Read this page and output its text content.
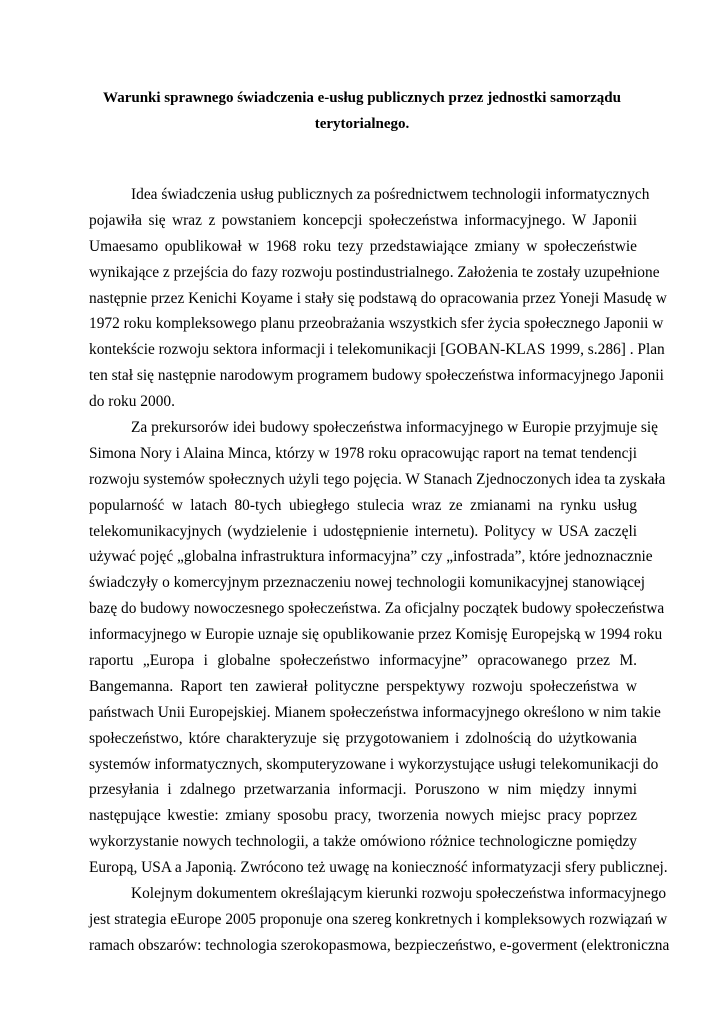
Warunki sprawnego świadczenia e-usług publicznych przez jednostki samorządu
terytorialnego.
Idea świadczenia usług publicznych za pośrednictwem technologii informatycznych
pojawiła się wraz z powstaniem koncepcji społeczeństwa informacyjnego. W Japonii
Umaesamo opublikował w 1968 roku tezy przedstawiające zmiany w społeczeństwie
wynikające z przejścia do fazy rozwoju postindustrialnego. Założenia te zostały uzupełnione
następnie przez Kenichi Koyame i stały się podstawą do opracowania przez Yoneji Masudę w
1972 roku kompleksowego planu przeobrażania wszystkich sfer życia społecznego Japonii w
kontekście rozwoju sektora informacji i telekomunikacji [GOBAN-KLAS 1999, s.286] . Plan
ten stał się następnie narodowym programem budowy społeczeństwa informacyjnego Japonii
do roku 2000.
Za prekursorów idei budowy społeczeństwa informacyjnego w Europie przyjmuje się
Simona Nory i Alaina Minca, którzy w 1978 roku opracowując raport na temat tendencji
rozwoju systemów społecznych użyli tego pojęcia. W Stanach Zjednoczonych idea ta zyskała
popularność w latach 80-tych ubiegłego stulecia wraz ze zmianami na rynku usług
telekomunikacyjnych (wydzielenie i udostępnienie internetu). Politycy w USA zaczęli
używać pojęć „globalna infrastruktura informacyjna” czy „infostrada”, które jednoznacznie
świadczyły o komercyjnym przeznaczeniu nowej technologii komunikacyjnej stanowiącej
bazę do budowy nowoczesnego społeczeństwa. Za oficjalny początek budowy społeczeństwa
informacyjnego w Europie uznaje się opublikowanie przez Komisję Europejską w 1994 roku
raportu „Europa i globalne społeczeństwo informacyjne” opracowanego przez M.
Bangemanna. Raport ten zawierał polityczne perspektywy rozwoju społeczeństwa w
państwach Unii Europejskiej. Mianem społeczeństwa informacyjnego określono w nim takie
społeczeństwo, które charakteryzuje się przygotowaniem i zdolnością do użytkowania
systemów informatycznych, skomputeryzowane i wykorzystujące usługi telekomunikacji do
przesyłania i zdalnego przetwarzania informacji. Poruszono w nim między innymi
następujące kwestie: zmiany sposobu pracy, tworzenia nowych miejsc pracy poprzez
wykorzystanie nowych technologii, a także omówiono różnice technologiczne pomiędzy
Europą, USA a Japonią. Zwrócono też uwagę na konieczność informatyzacji sfery publicznej.
Kolejnym dokumentem określającym kierunki rozwoju społeczeństwa informacyjnego
jest strategia eEurope 2005 proponuje ona szereg konkretnych i kompleksowych rozwiązań w
ramach obszarów: technologia szerokopasmowa, bezpieczeństwo, e-goverment (elektroniczna
